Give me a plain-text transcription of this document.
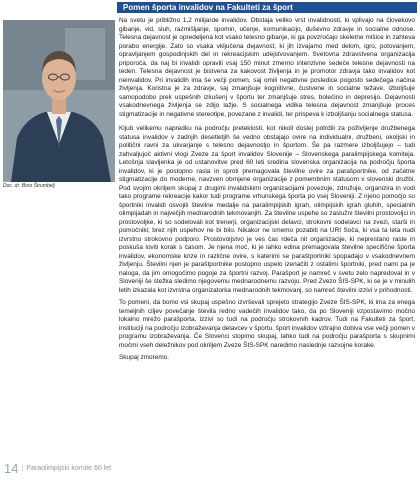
Pomen športa invalidov na Fakulteti za šport
Doc. dr. Boro Štrumbelj

Na svetu je približno 1,2 milijarde invalidov. Obstaja veliko vrst invalidnosti, ki vplivajo na človekovo gibanje, vid, sluh, razmišljanje, spomin, učenje, komunikacijo, duševno zdravje in socialne odnose. Telesna dejavnost je opredeljena kot vsako telesno gibanje, ki ga povzročajo skeletne mišice in zahteva porabo energije. Zato so vsaka vključena dejavnost, ki jih izvajamo med delom, igro, potovanjem, opravljanjem gospodinjskih del in rekreacijskim udejstvovanjem. Svetovna zdravstvena organizacija priporoča, da naj bi invalidi opravili vsaj 150 minut zmerno intenzivne sedeče telesne dejavnosti na teden. Telesna dejavnost je bistvena za kakovost življenja in je promotor zdravja tako invalidov kot neinvalidov. Pri invalidih ima še večji pomen, saj omili negativne posledice pogosto sedečega načina življenja. Koristna je za zdravje, saj zmanjšuje kognitivne, čustvene in socialne težave, izboljšuje samopodobo prek uspešnih izkušenj v športu ter zmanjšuje stres, bolečino in depresijo. Dejavnosti vsakodnevnega življenja se zdijo lažje. S socialnega vidika telesna dejavnost zmanjšuje proces stigmatizacije in negativne stereotipe, povezane z invalidi, ter prispeva k izboljšanju socialnega statusa.

Kljub velikemu napredku na področju preteklosti, kot nikoli doslej potrdili za poživljenje družbenega statusa invalidov v zadnjih desetletjih še vedno obstajajo ovire na individualni, družbeni, okoljski in politični ravni za ukvarjanje s telesno dejavnostjo in športom. Še pa razmere izboljšujejo – tudi zahvaljujoč aktivni vlogi Zveze za šport invalidov Slovenije – Slovenskega paralimpijskega komiteja. Letošnja slavljenka je od ustanovitve pred 60 leti sredina slovenska organizacija na področju športa invalidov, ki je postopno rasla in sproti premagovala številne ovire za parašportnike, od začetne stigmatizacije do moderne, navzven obrnjene organizacije z pomembnim statusom v slovenski družbi. Pod svojim okriljem skupaj z drugimi invalidskimi organizacijami povezuje, združuje, organizira in vodi tako programe rekreacije kakor tudi programe vrhunskega športa po vsej Sloveniji. Z njeno pomočjo so športniki invalidi osvojili številne medalje na paralimpijskih igrah, olimpijskih igrah gluhih, specialnih olimpijadah in največjih mednarodnih tekmovanjih. Za številne uspehe so zaslužni številni prostovoljci in prostovoljke, ki so sodelovali kot trenerji, organizacijski delavci, strokovni sodelavci na zvezi, starši in pomočniki; brez njih uspehov ne bi bilo. Nikakor ne smemo pozabiti na URI Soča, ki vsa ta leta nudi izvrstno strokovno podporo. Prostovoljstvo je ves čas rdeča nit organizacije, ki neprestano raste in poskuša loviti korak s časom. Je njena moč, ki je lahko edina premagovala številne specifične športa invalidov, ekonomske krize in različne ovire, s katerimi se paraštportniki spopadajo v vsakodnevnem življenju. Številni njen je paraštportnike postopno uspelo izenačiti z ostalimi športniki, pred nami pa je naloga, da jim omogočimo pogoje za športni razvoj. Parašport je namreč v svetu zelo napredoval in v Sloveniji še stežka sledimo njegovemu mednarodnemu razvoju. Pred Zvezo ŠIS-SPK, ki se je v minulih letih izkazala kot izvrstna organizatorka mednarodnih tekmovanj, so namreč številni izzivi v prihodnosti.

To pomeni, da bomo vsi skupaj uspešno izvrševali sprejeto strategijo Zveze ŠIS-SPK, ki ima za enega temeljnih ciljev povečanje števila redno vadečih invalidov tako, da po Sloveniji vzpostavimo močno lokalno mrežo parašporta, izzivi so tudi na področju strokovnih kadrov. Tudi na Fakulteti za šport, instituciji na področju izobraževanja delavcev v športu, šport invalidov vztrajno dobiva vse večji pomen v programu izobraževanja. Če Slovenci stopimo skupaj, lahko tudi na področju parašporta s skupnimi močmi vseh deležnikov pod okriljem Zveze ŠIS-SPK naredimo naslednje razvojne korake.

Skupaj zmoremo.

14 | Paraolimpijski komite 60 let
